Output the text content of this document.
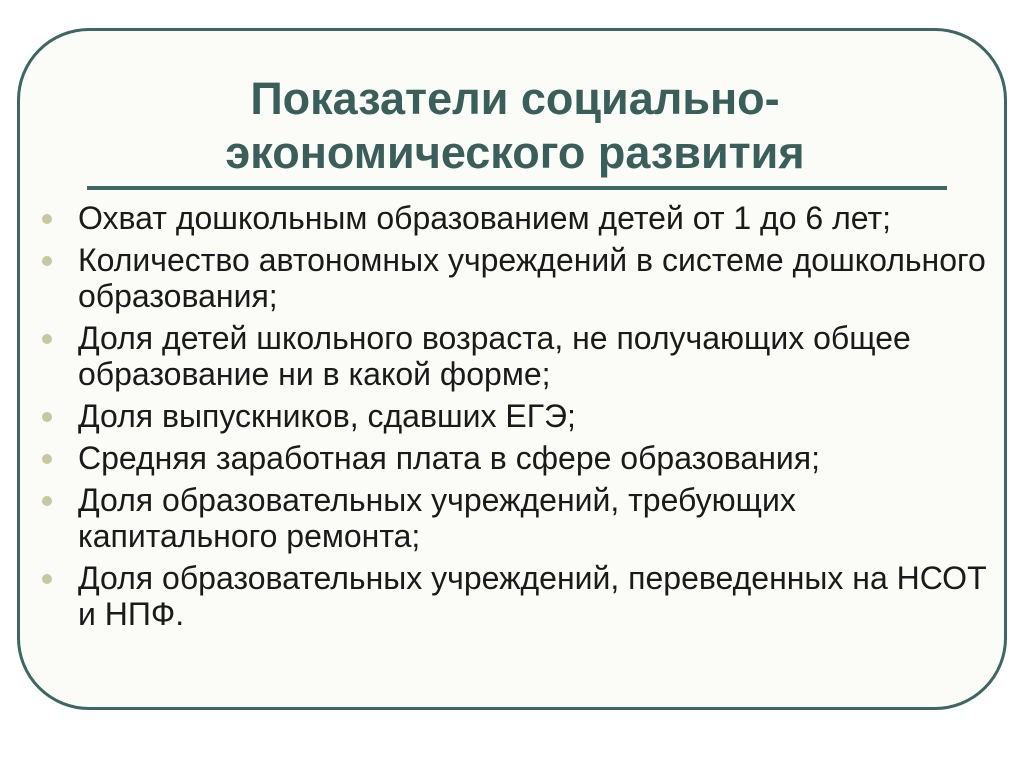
Показатели социально-
экономического развития
Охват дошкольным образованием детей от 1 до 6 лет;
Количество автономных учреждений в системе дошкольного образования;
Доля детей школьного возраста, не получающих общее образование ни в какой форме;
Доля выпускников, сдавших ЕГЭ;
Средняя заработная плата в сфере образования;
Доля образовательных учреждений, требующих капитального ремонта;
Доля образовательных учреждений, переведенных на НСОТ и НПФ.
